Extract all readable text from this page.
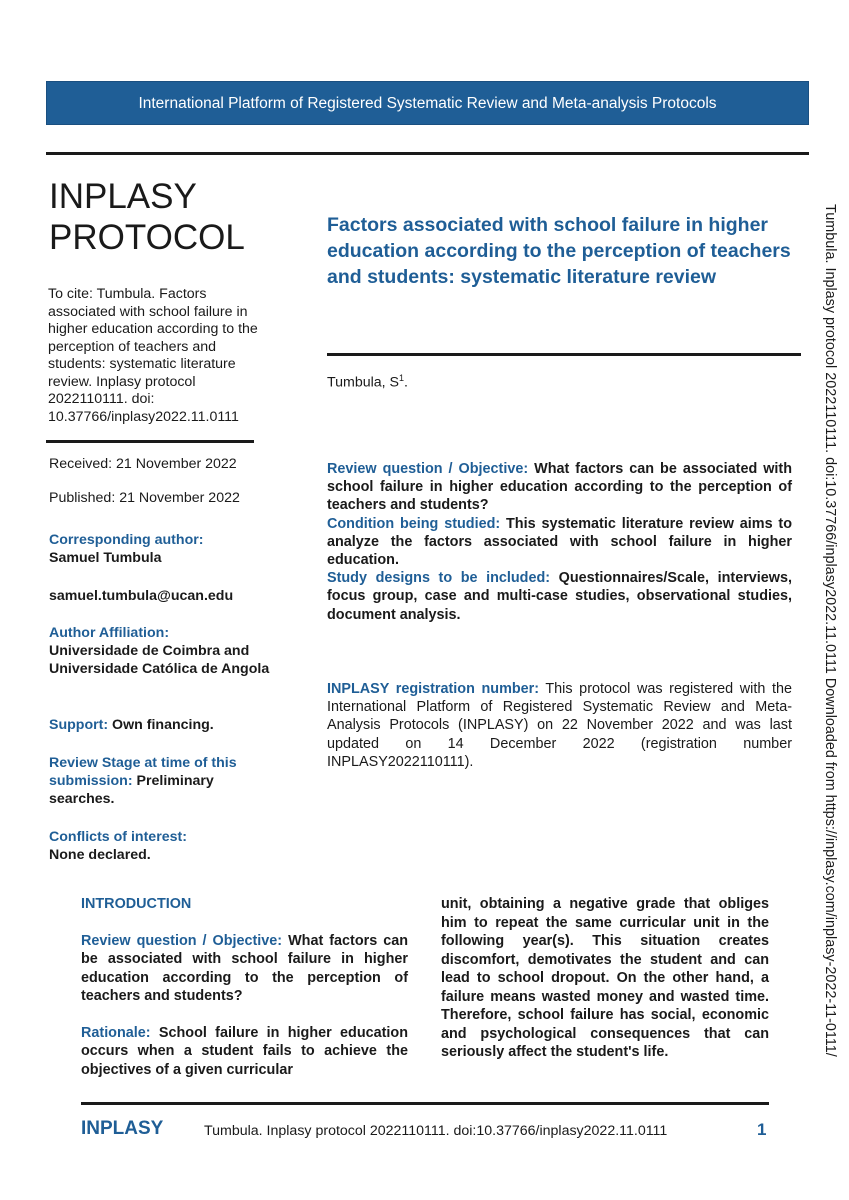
International Platform of Registered Systematic Review and Meta-analysis Protocols
INPLASY
PROTOCOL
To cite: Tumbula. Factors associated with school failure in higher education according to the perception of teachers and students: systematic literature review. Inplasy protocol 2022110111. doi: 10.37766/inplasy2022.11.0111
Received: 21 November 2022
Published: 21 November 2022
Corresponding author:
Samuel Tumbula
samuel.tumbula@ucan.edu
Author Affiliation:
Universidade de Coimbra and Universidade Católica de Angola
Support: Own financing.
Review Stage at time of this submission: Preliminary searches.
Conflicts of interest:
None declared.
Factors associated with school failure in higher education according to the perception of teachers and students: systematic literature review
Tumbula, $S^1$.

Review question / Objective: What factors can be associated with school failure in higher education according to the perception of teachers and students?

Condition being studied: This systematic literature review aims to analyze the factors associated with school failure in higher education.

Study designs to be included: Questionnaires/Scale, interviews, focus group, case and multi-case studies, observational studies, document analysis.

INPLASY registration number: This protocol was registered with the International Platform of Registered Systematic Review and Meta-Analysis Protocols (INPLASY) on 22 November 2022 and was last updated on 14 December 2022 (registration number INPLASY2022110111).
INTRODUCTION
Review question / Objective: What factors can be associated with school failure in higher education according to the perception of teachers and students?
Rationale: School failure in higher education occurs when a student fails to achieve the objectives of a given curricular
unit, obtaining a negative grade that obliges him to repeat the same curricular unit in the following year(s). This situation creates discomfort, demotivates the student and can lead to school dropout. On the other hand, a failure means wasted money and wasted time. Therefore, school failure has social, economic and psychological consequences that can seriously affect the student's life.
INPLASY	Tumbula. Inplasy protocol 2022110111. doi:10.37766/inplasy2022.11.0111	1
Tumbula. Inplasy protocol 2022110111. doi:10.37766/inplasy2022.11.0111 Downloaded from https://inplasy.com/inplasy-2022-11-0111/
